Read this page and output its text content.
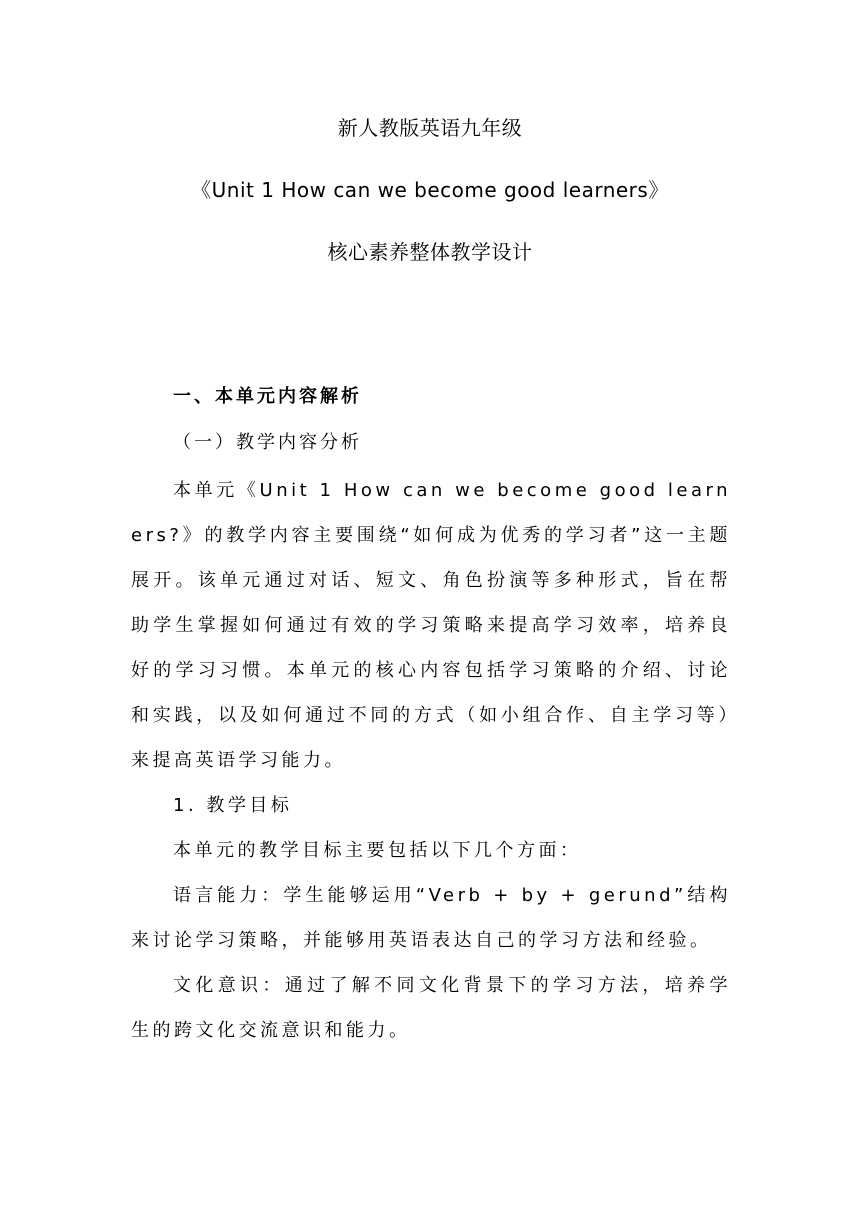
新人教版英语九年级
《Unit 1 How can we become good learners》
核心素养整体教学设计
一、本单元内容解析
（一）教学内容分析

本单元《Unit 1 How can we become good learners?》的教学内容主要围绕“如何成为优秀的学习者”这一主题展开。该单元通过对话、短文、角色扮演等多种形式，旨在帮助学生掌握如何通过有效的学习策略来提高学习效率，培养良好的学习习惯。本单元的核心内容包括学习策略的介绍、讨论和实践，以及如何通过不同的方式（如小组合作、自主学习等）来提高英语学习能力。

1. 教学目标

本单元的教学目标主要包括以下几个方面：

语言能力：学生能够运用“Verb + by + gerund”结构来讨论学习策略，并能够用英语表达自己的学习方法和经验。

文化意识：通过了解不同文化背景下的学习方法，培养学生的跨文化交流意识和能力。
